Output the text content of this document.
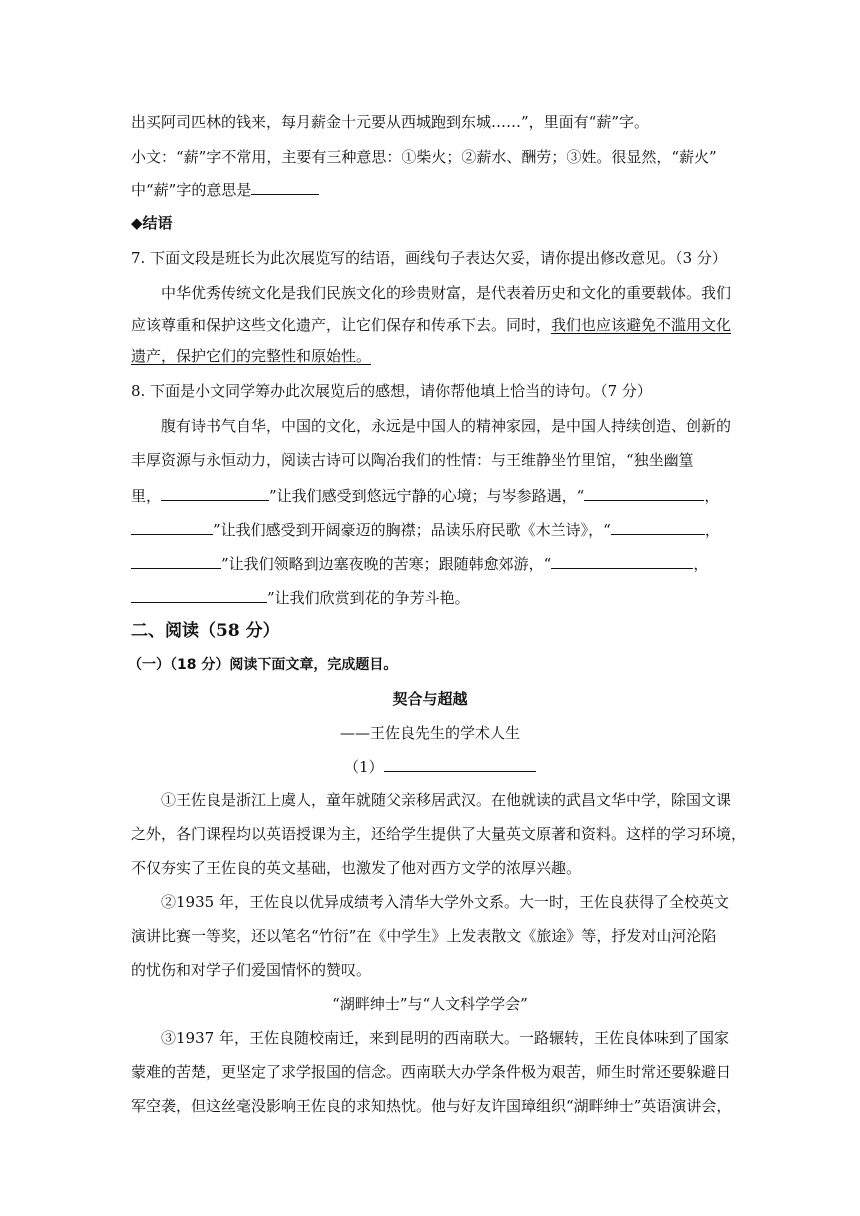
出买阿司匹林的钱来，每月薪金十元要从西城跑到东城……”，里面有“薪”字。
小文：“薪”字不常用，主要有三种意思：①柴火；②薪水、酬劳；③姓。很显然，“薪火”
中“薪”字的意思是
◆结语
7. 下面文段是班长为此次展览写的结语，画线句子表达欠妥，请你提出修改意见。（3 分）
中华优秀传统文化是我们民族文化的珍贵财富，是代表着历史和文化的重要载体。我们
应该尊重和保护这些文化遗产，让它们保存和传承下去。同时，我们也应该避免不滥用文化
遗产，保护它们的完整性和原始性。
8. 下面是小文同学筹办此次展览后的感想，请你帮他填上恰当的诗句。（7 分）
腹有诗书气自华，中国的文化，永远是中国人的精神家园，是中国人持续创造、创新的
丰厚资源与永恒动力，阅读古诗可以陶冶我们的性情：与王维静坐竹里馆，“独坐幽篁
里，	”让我们感受到悠远宁静的心境；与岑参路遇，“	，
”让我们感受到开阔豪迈的胸襟；品读乐府民歌《木兰诗》，“	，
”让我们领略到边塞夜晚的苦寒；跟随韩愈郊游，“	，
”让我们欣赏到花的争芳斗艳。
二、阅读（58 分）
（一）（18 分）阅读下面文章，完成题目。
契合与超越
——王佐良先生的学术人生
（1）
①王佐良是浙江上虞人，童年就随父亲移居武汉。在他就读的武昌文华中学，除国文课
之外，各门课程均以英语授课为主，还给学生提供了大量英文原著和资料。这样的学习环境，
不仅夯实了王佐良的英文基础，也激发了他对西方文学的浓厚兴趣。
②1935 年，王佐良以优异成绩考入清华大学外文系。大一时，王佐良获得了全校英文
演讲比赛一等奖，还以笔名“竹衍”在《中学生》上发表散文《旅途》等，抒发对山河沦陷
的忧伤和对学子们爱国情怀的赞叹。
“湖畔绅士”与“人文科学学会”
③1937 年，王佐良随校南迁，来到昆明的西南联大。一路辗转，王佐良体味到了国家
蒙难的苦楚，更坚定了求学报国的信念。西南联大办学条件极为艰苦，师生时常还要躲避日
军空袭，但这丝毫没影响王佐良的求知热忱。他与好友许国璋组织“湖畔绅士”英语演讲会，
